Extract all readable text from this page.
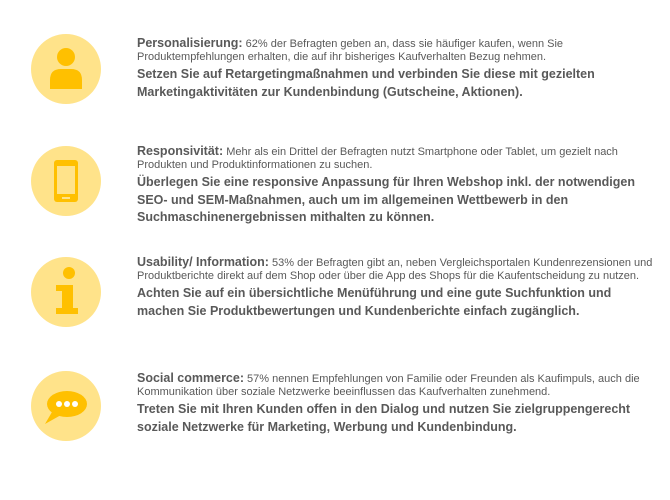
Personalisierung: 62% der Befragten geben an, dass sie häufiger kaufen, wenn Sie Produktempfehlungen erhalten, die auf ihr bisheriges Kaufverhalten Bezug nehmen.

Setzen Sie auf Retargetingmaßnahmen und verbinden Sie diese mit gezielten Marketingaktivitäten zur Kundenbindung (Gutscheine, Aktionen).

Responsivität: Mehr als ein Drittel der Befragten nutzt Smartphone oder Tablet, um gezielt nach Produkten und Produktinformationen zu suchen.

Überlegen Sie eine responsive Anpassung für Ihren Webshop inkl. der notwendigen SEO- und SEM-Maßnahmen, auch um im allgemeinen Wettbewerb in den Suchmaschinenergebnissen mithalten zu können.

Usability/ Information: 53% der Befragten gibt an, neben Vergleichsportalen Kundenrezensionen und Produktberichte direkt auf dem Shop oder über die App des Shops für die Kaufentscheidung zu nutzen.

Achten Sie auf ein übersichtliche Menüführung und eine gute Suchfunktion und machen Sie Produktbewertungen und Kundenberichte einfach zugänglich.

Social commerce: 57% nennen Empfehlungen von Familie oder Freunden als Kaufimpuls, auch die Kommunikation über soziale Netzwerke beeinflussen das Kaufverhalten zunehmend.

Treten Sie mit Ihren Kunden offen in den Dialog und nutzen Sie zielgruppengerecht soziale Netzwerke für Marketing, Werbung und Kundenbindung.
